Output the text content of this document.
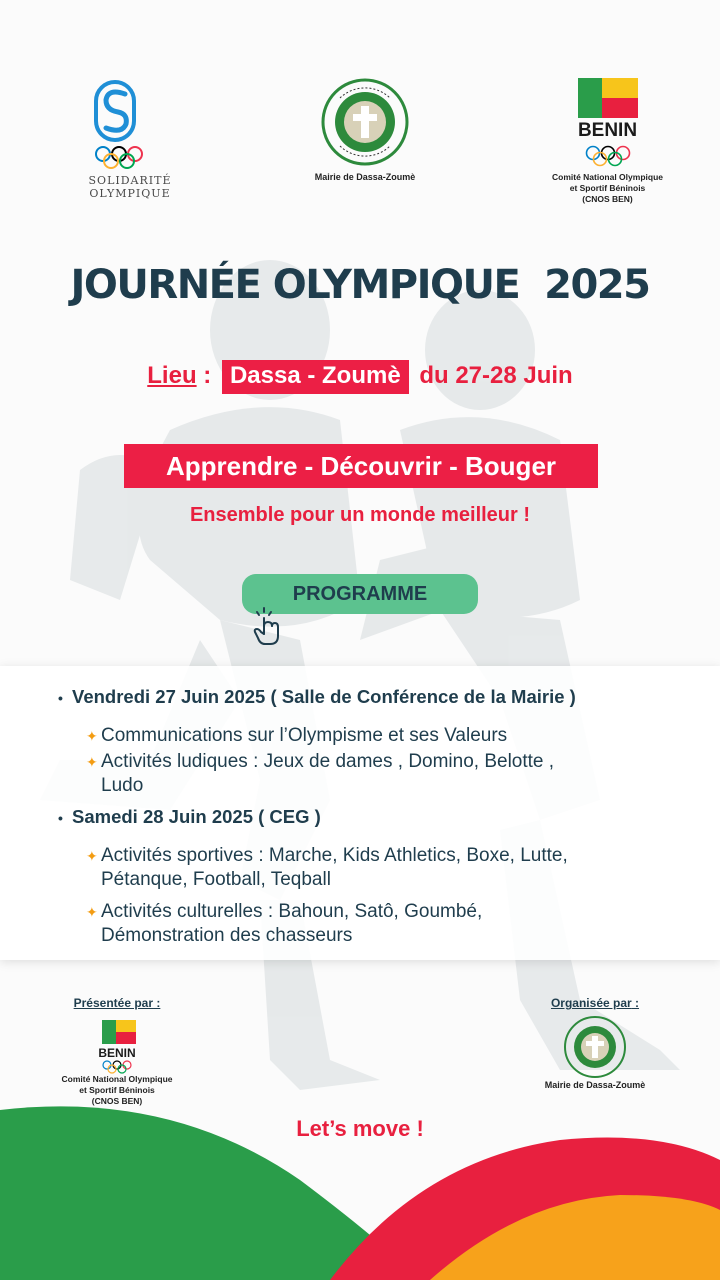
SOLIDARITÉ
OLYMPIQUE
Mairie de Dassa-Zoumè
BENIN
Comité National Olympique
et Sportif Béninois
(CNOS BEN)
JOURNÉE OLYMPIQUE  2025
Lieu : Dassa - Zoumè du 27-28 Juin
Apprendre - Découvrir - Bouger
Ensemble pour un monde meilleur !
PROGRAMME
• Vendredi 27 Juin 2025 ( Salle de Conférence de la Mairie )
✦ Communications sur l’Olympisme et ses Valeurs
✦ Activités ludiques : Jeux de dames , Domino, Belotte ,
Ludo
• Samedi 28 Juin 2025 ( CEG )
✦ Activités sportives : Marche, Kids Athletics, Boxe, Lutte,
Pétanque, Football, Teqball
✦ Activités culturelles : Bahoun, Satô, Goumbé,
Démonstration des chasseurs
Présentée par :
BENIN
Comité National Olympique
et Sportif Béninois
(CNOS BEN)
Organisée par :
Mairie de Dassa-Zoumè
Let’s move !
